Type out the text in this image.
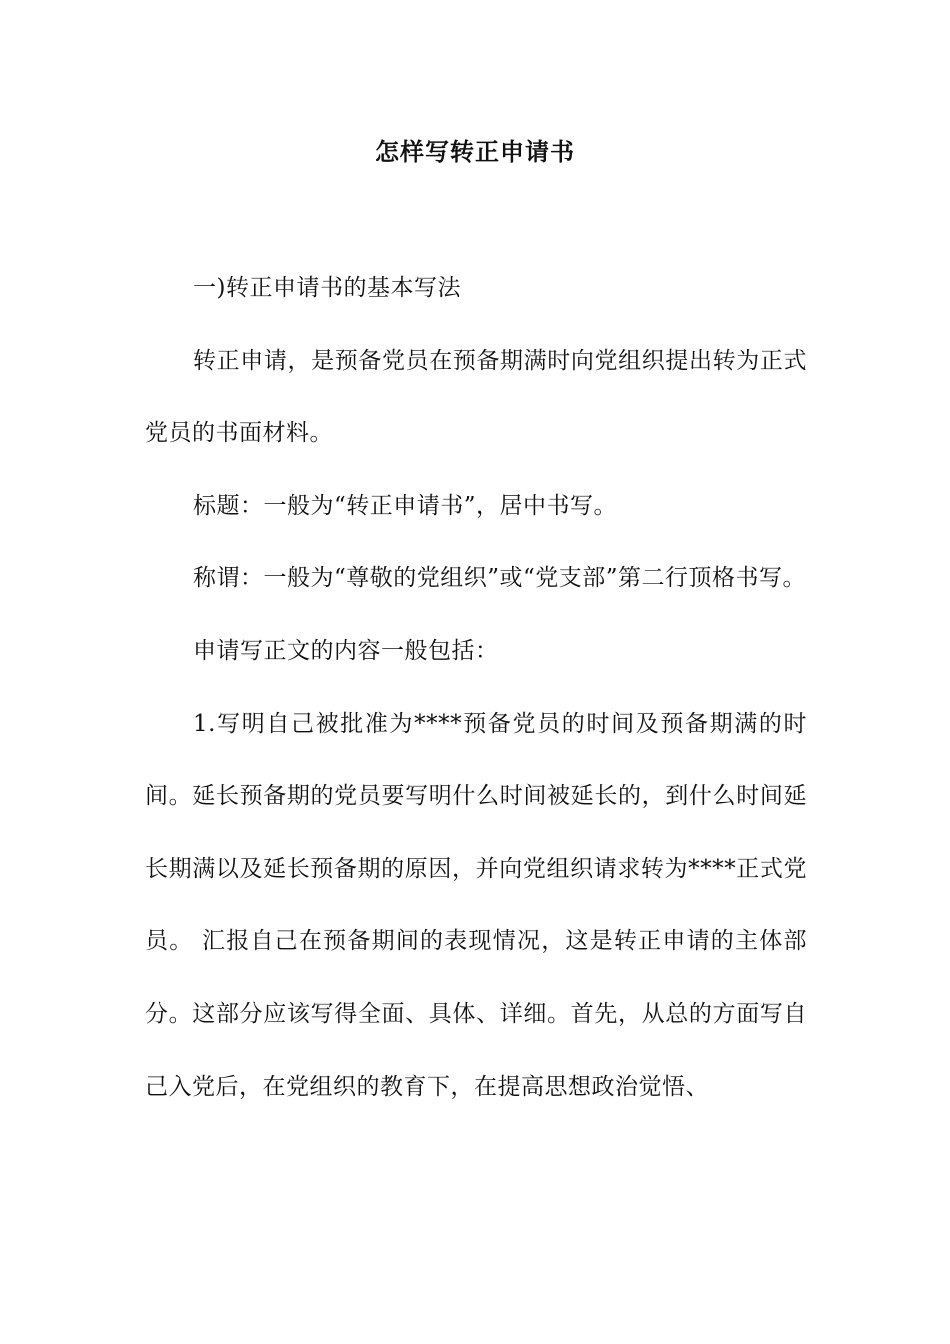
怎样写转正申请书

一)转正申请书的基本写法

转正申请，是预备党员在预备期满时向党组织提出转为正式党员的书面材料。

标题：一般为“转正申请书”，居中书写。

称谓：一般为“尊敬的党组织”或“党支部”第二行顶格书写。

申请写正文的内容一般包括：

1.写明自己被批准为****预备党员的时间及预备期满的时间。延长预备期的党员要写明什么时间被延长的，到什么时间延长期满以及延长预备期的原因，并向党组织请求转为****正式党员。 汇报自己在预备期间的表现情况，这是转正申请的主体部分。这部分应该写得全面、具体、详细。首先，从总的方面写自己入党后，在党组织的教育下，在提高思想政治觉悟、
